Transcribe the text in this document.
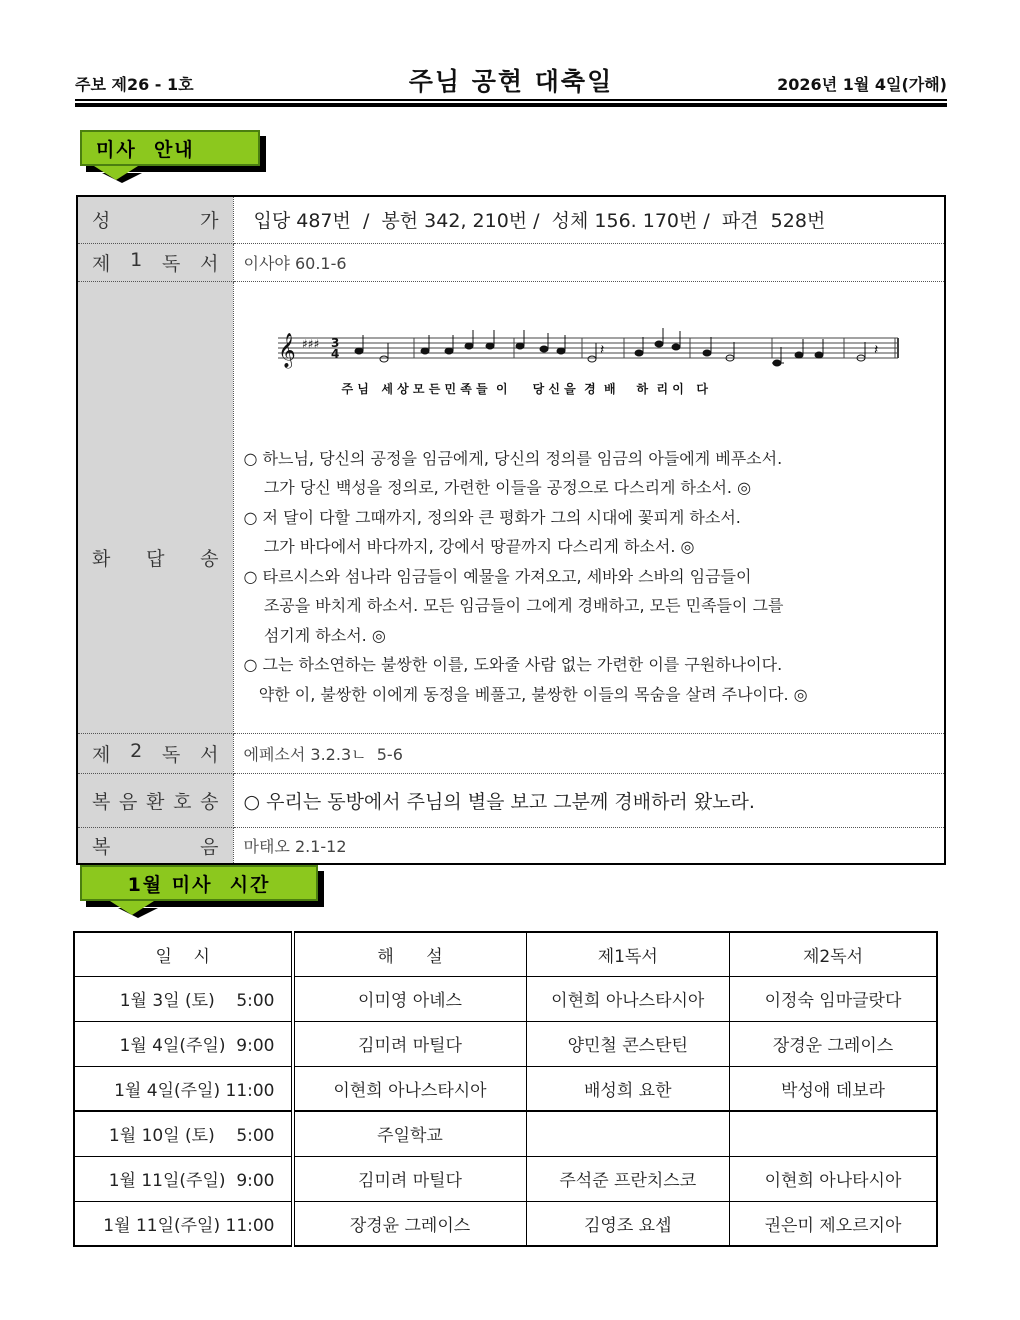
주보 제26 - 1호	주님 공현 대축일	2026년 1월 4일(가해)
미사  안내
성 가	입당 487번  /  봉헌 342, 210번 /  성체 156. 170번 /  파견  528번

제 1 독 서	이사야 60.1-6

화 답 송

𝄞 ♯♯♯ 3
4	𝄽	𝄽
주 님   세 상 모 든 민 족 들  이      당 신 을  경  배     하  리 이   다
○ 하느님, 당신의 공정을 임금에게, 당신의 정의를 임금의 아들에게 베푸소서.
그가 당신 백성을 정의로, 가련한 이들을 공정으로 다스리게 하소서. ◎
○ 저 달이 다할 그때까지, 정의와 큰 평화가 그의 시대에 꽃피게 하소서.
그가 바다에서 바다까지, 강에서 땅끝까지 다스리게 하소서. ◎
○ 타르시스와 섬나라 임금들이 예물을 가져오고, 세바와 스바의 임금들이
조공을 바치게 하소서. 모든 임금들이 그에게 경배하고, 모든 민족들이 그를
섬기게 하소서. ◎
○ 그는 하소연하는 불쌍한 이를, 도와줄 사람 없는 가련한 이를 구원하나이다.
약한 이, 불쌍한 이에게 동정을 베풀고, 불쌍한 이들의 목숨을 살려 주나이다. ◎

제 2 독 서	에페소서 3.2.3ㄴ  5-6

복 음 환 호 송	○ 우리는 동방에서 주님의 별을 보고 그분께 경배하러 왔노라.

복 음	마태오 2.1-12
1월 미사  시간
일    시	해      설	제1독서	제2독서
1월 3일 (토)    5:00	이미영 아녜스	이현희 아나스타시아	이정숙 임마글랏다
1월 4일(주일)  9:00	김미려 마틸다	양민철 콘스탄틴	장경운 그레이스
1월 4일(주일) 11:00	이현희 아나스타시아	배성희 요한	박성애 데보라
1월 10일 (토)    5:00	주일학교		
1월 11일(주일)  9:00	김미려 마틸다	주석준 프란치스코	이현희 아나타시아
1월 11일(주일) 11:00	장경윤 그레이스	김영조 요셉	권은미 제오르지아
